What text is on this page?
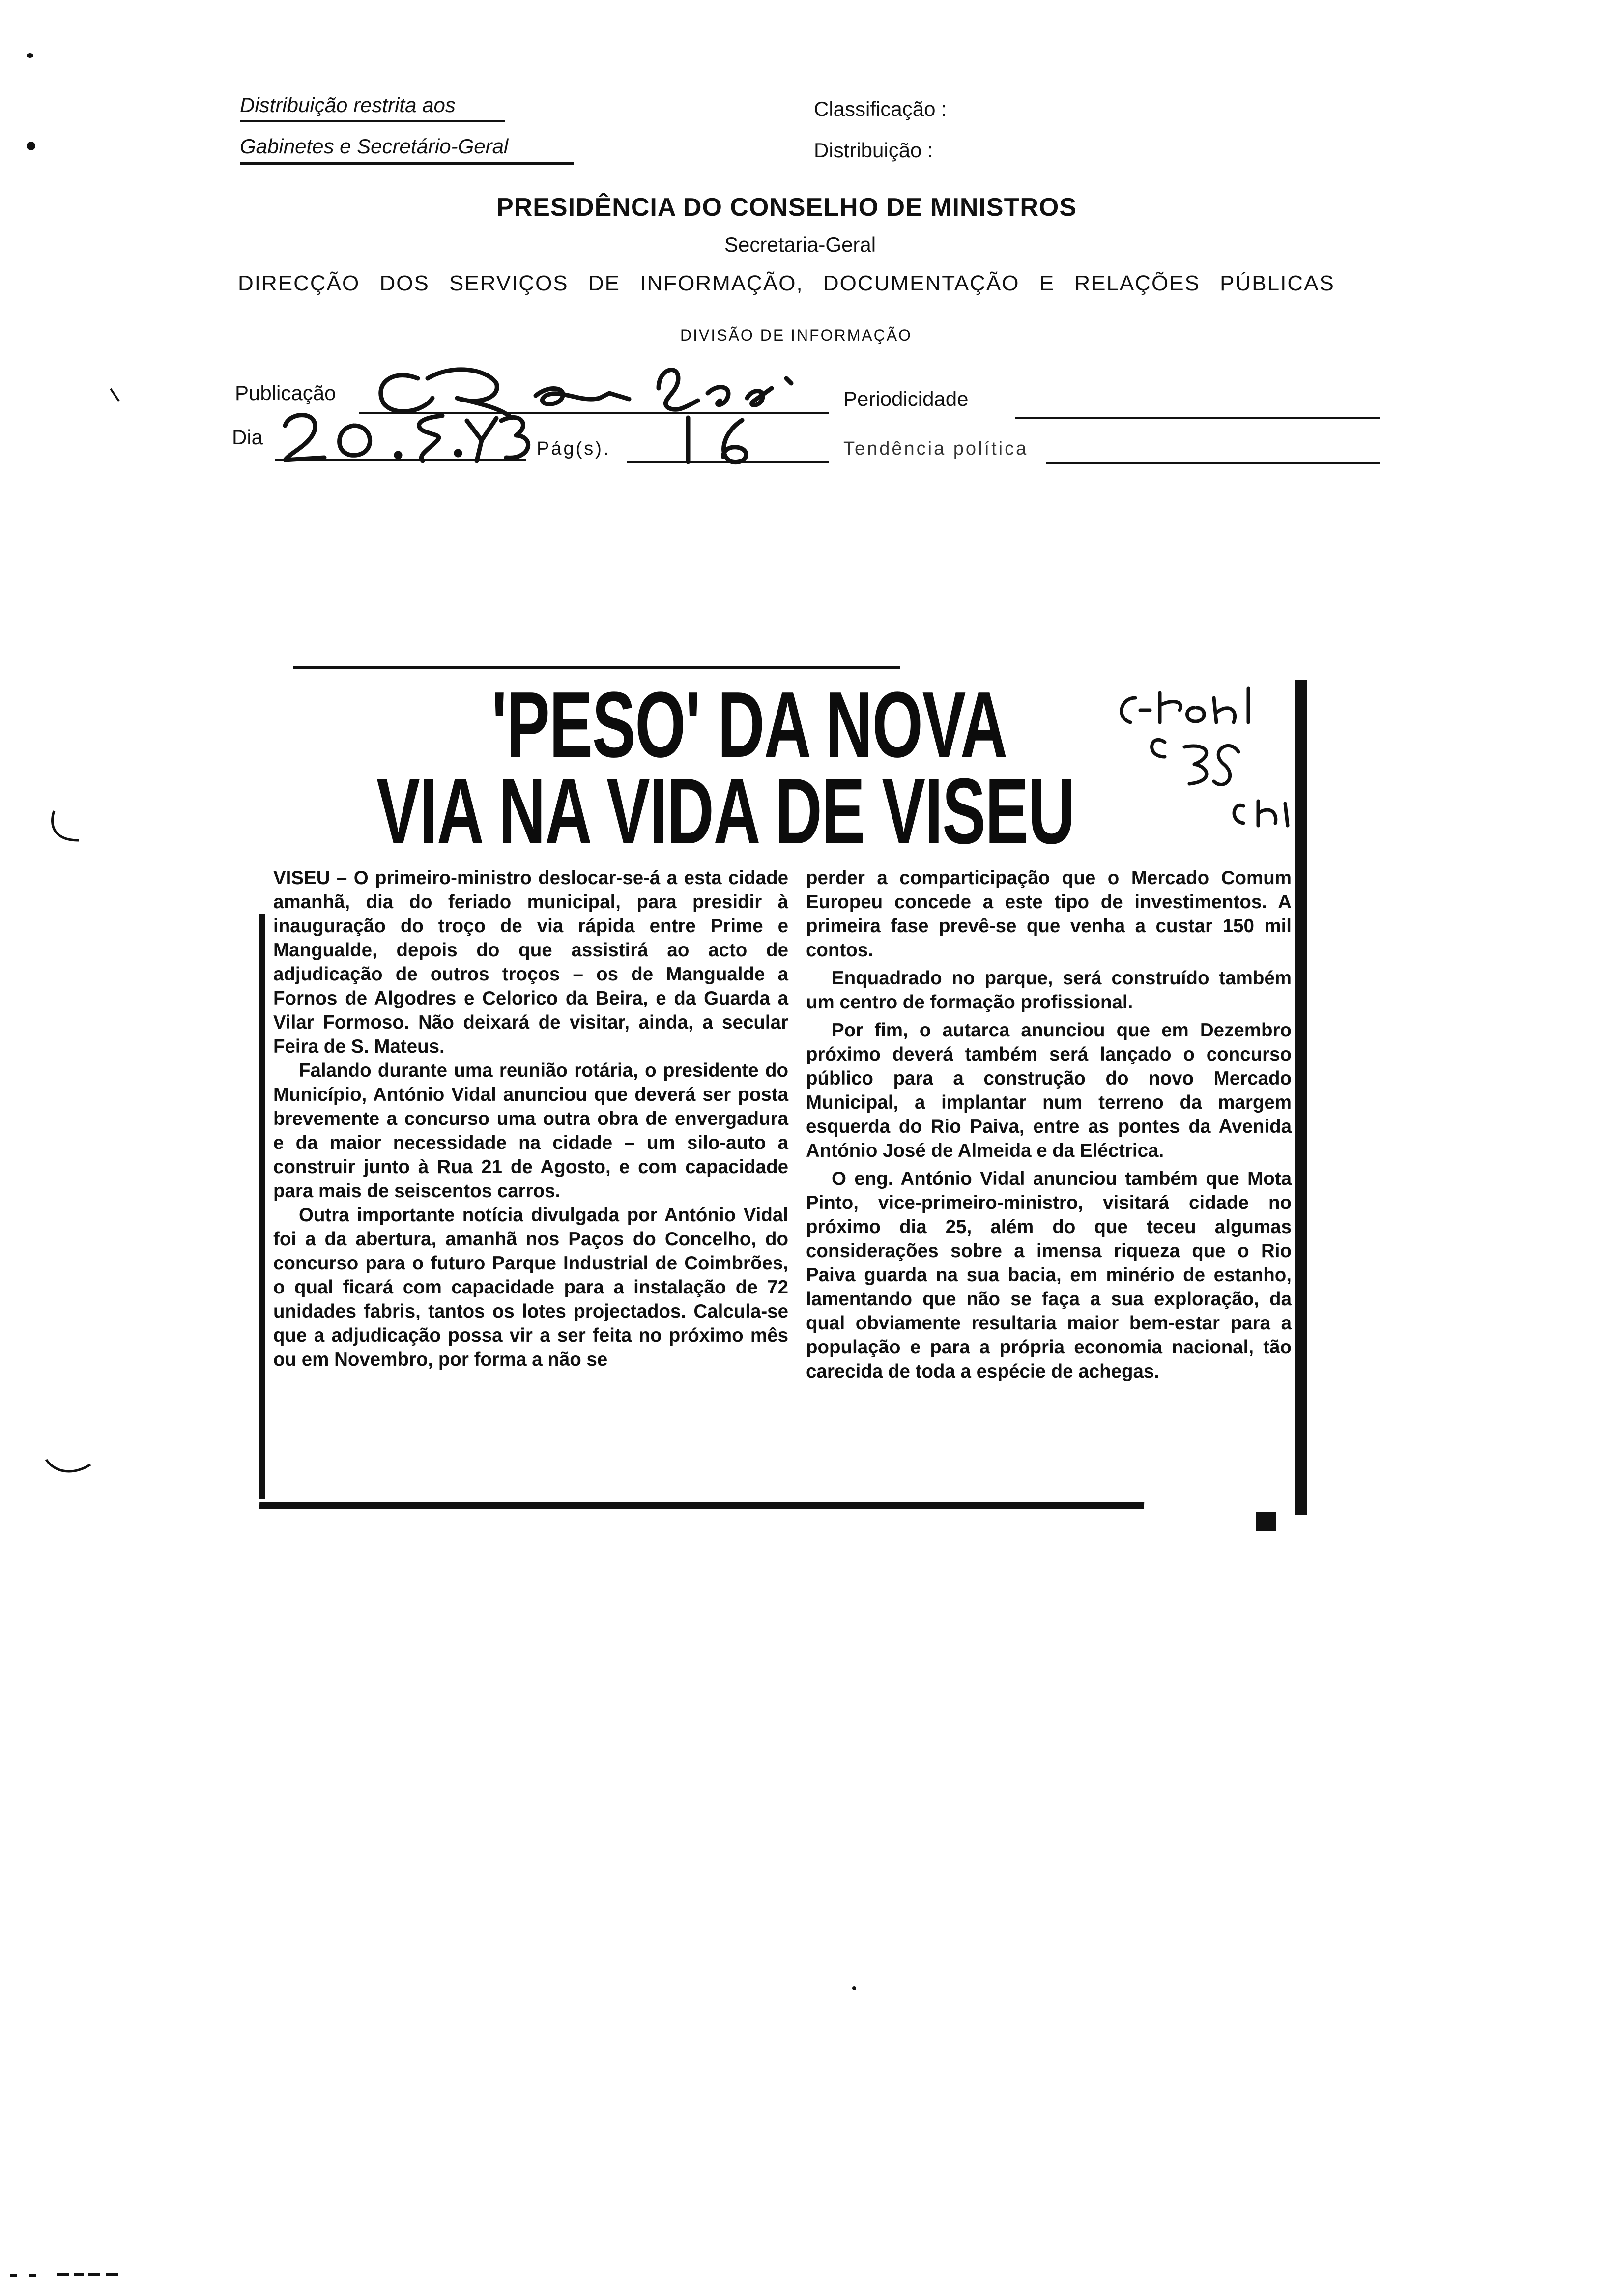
Distribuição restrita aos
Gabinetes e Secretário-Geral
Classificação :
Distribuição :
PRESIDÊNCIA DO CONSELHO DE MINISTROS
Secretaria-Geral
DIRECÇÃO DOS SERVIÇOS DE INFORMAÇÃO, DOCUMENTAÇÃO E RELAÇÕES PÚBLICAS
DIVISÃO DE INFORMAÇÃO
Publicação	Periodicidade
Dia	Pág(s).	Tendência política
'PESO' DA NOVA
VIA NA VIDA DE VISEU

VISEU – O primeiro-ministro deslocar-se-á a esta cidade amanhã, dia do feriado municipal, para presidir à inauguração do troço de via rápida entre Prime e Mangualde, depois do que assistirá ao acto de adjudicação de outros troços – os de Mangualde a Fornos de Algodres e Celorico da Beira, e da Guarda a Vilar Formoso. Não deixará de visitar, ainda, a secular Feira de S. Mateus.

Falando durante uma reunião rotária, o presidente do Município, António Vidal anunciou que deverá ser posta brevemente a concurso uma outra obra de envergadura e da maior necessidade na cidade – um silo-auto a construir junto à Rua 21 de Agosto, e com capacidade para mais de seiscentos carros.

Outra importante notícia divulgada por António Vidal foi a da abertura, amanhã nos Paços do Concelho, do concurso para o futuro Parque Industrial de Coimbrões, o qual ficará com capacidade para a instalação de 72 unidades fabris, tantos os lotes projectados. Calcula-se que a adjudicação possa vir a ser feita no próximo mês ou em Novembro, por forma a não se

perder a comparticipação que o Mercado Comum Europeu concede a este tipo de investimentos. A primeira fase prevê-se que venha a custar 150 mil contos.

Enquadrado no parque, será construído também um centro de formação profissional.

Por fim, o autarca anunciou que em Dezembro próximo deverá também será lançado o concurso público para a construção do novo Mercado Municipal, a implantar num terreno da margem esquerda do Rio Paiva, entre as pontes da Avenida António José de Almeida e da Eléctrica.

O eng. António Vidal anunciou também que Mota Pinto, vice-primeiro-ministro, visitará cidade no próximo dia 25, além do que teceu algumas considerações sobre a imensa riqueza que o Rio Paiva guarda na sua bacia, em minério de estanho, lamentando que não se faça a sua exploração, da qual obviamente resultaria maior bem-estar para a população e para a própria economia nacional, tão carecida de toda a espécie de achegas.
